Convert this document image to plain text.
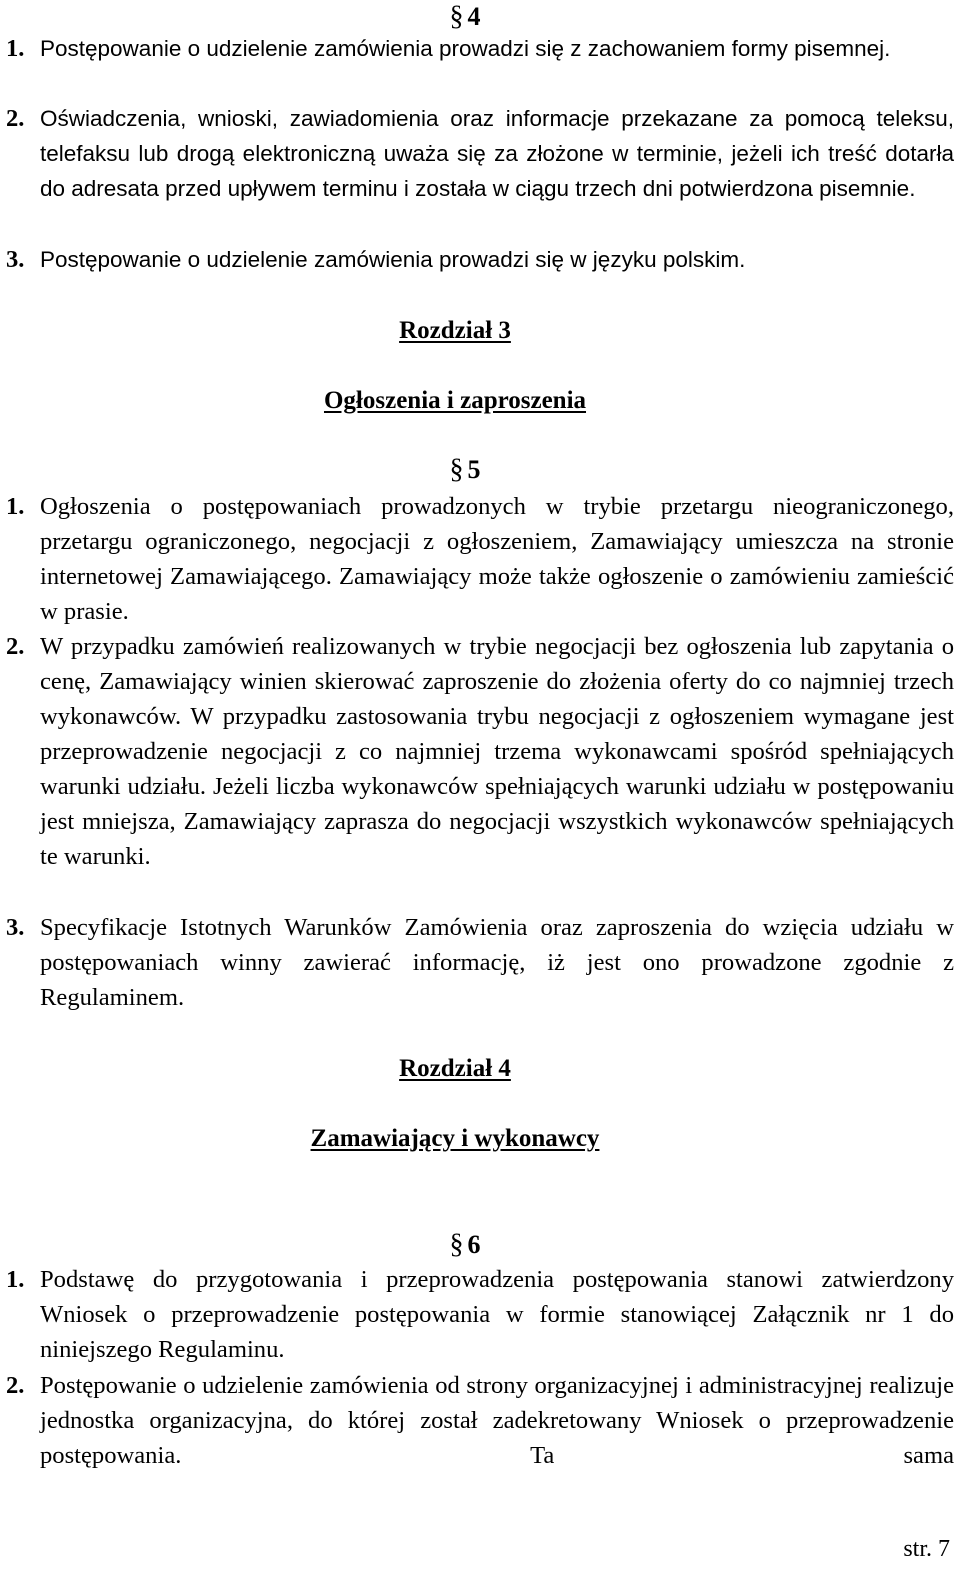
§ 4
1. Postępowanie o udzielenie zamówienia prowadzi się z zachowaniem formy pisemnej.
2. Oświadczenia, wnioski, zawiadomienia oraz informacje przekazane za pomocą teleksu, telefaksu lub drogą elektroniczną uważa się za złożone w terminie, jeżeli ich treść dotarła do adresata przed upływem terminu i została w ciągu trzech dni potwierdzona pisemnie.
3. Postępowanie o udzielenie zamówienia prowadzi się w języku polskim.
Rozdział 3
Ogłoszenia i zaproszenia
§ 5
1. Ogłoszenia o postępowaniach prowadzonych w trybie przetargu nieograniczonego, przetargu ograniczonego, negocjacji z ogłoszeniem, Zamawiający umieszcza na stronie internetowej Zamawiającego. Zamawiający może także ogłoszenie o zamówieniu zamieścić w prasie.
2. W przypadku zamówień realizowanych w trybie negocjacji bez ogłoszenia lub zapytania o cenę, Zamawiający winien skierować zaproszenie do złożenia oferty do co najmniej trzech wykonawców. W przypadku zastosowania trybu negocjacji z ogłoszeniem wymagane jest przeprowadzenie negocjacji z co najmniej trzema wykonawcami spośród spełniających warunki udziału. Jeżeli liczba wykonawców spełniających warunki udziału w postępowaniu jest mniejsza, Zamawiający zaprasza do negocjacji wszystkich wykonawców spełniających te warunki.
3. Specyfikacje Istotnych Warunków Zamówienia oraz zaproszenia do wzięcia udziału w postępowaniach winny zawierać informację, iż jest ono prowadzone zgodnie z Regulaminem.
Rozdział 4
Zamawiający i wykonawcy
§ 6
1. Podstawę do przygotowania i przeprowadzenia postępowania stanowi zatwierdzony Wniosek o przeprowadzenie postępowania w formie stanowiącej Załącznik nr 1 do niniejszego Regulaminu.
2. Postępowanie o udzielenie zamówienia od strony organizacyjnej i administracyjnej realizuje jednostka organizacyjna, do której został zadekretowany Wniosek o przeprowadzenie postępowania. Ta sama
str. 7
